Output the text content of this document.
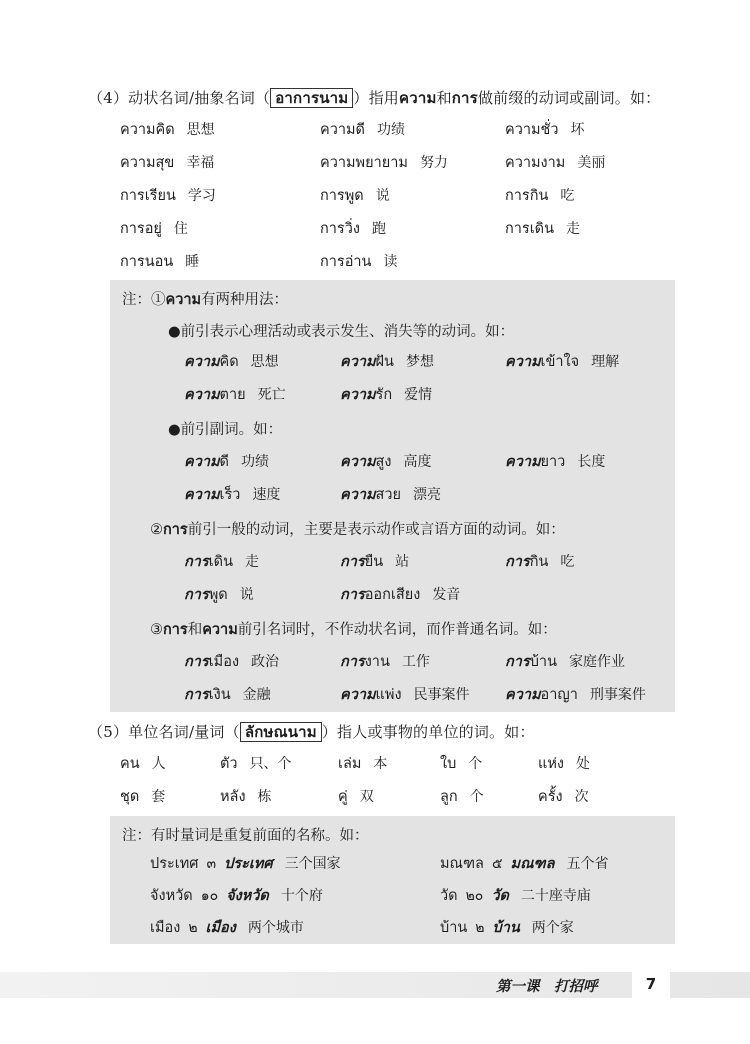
（4）动状名词/抽象名词（ อาการนาม ）指用ความ和การ做前缀的动词或副词。如：
ความคิด 思想	ความดี 功绩	ความชั่ว 坏
ความสุข 幸福	ความพยายาม 努力	ความงาม 美丽
การเรียน 学习	การพูด 说	การกิน 吃
การอยู่ 住	การวิ่ง 跑	การเดิน 走
การนอน 睡	การอ่าน 读
注：①ความ有两种用法：
●前引表示心理活动或表示发生、消失等的动词。如：
ความคิด 思想	ความฝัน 梦想	ความเข้าใจ 理解
ความตาย 死亡	ความรัก 爱情
●前引副词。如：
ความดี 功绩	ความสูง 高度	ความยาว 长度
ความเร็ว 速度	ความสวย 漂亮
②การ前引一般的动词，主要是表示动作或言语方面的动词。如：
การเดิน 走	การยืน 站	การกิน 吃
การพูด 说	การออกเสียง 发音
③การ和ความ前引名词时，不作动状名词，而作普通名词。如：
การเมือง 政治	การงาน 工作	การบ้าน 家庭作业
การเงิน 金融	ความแพ่ง 民事案件 ความอาญา 刑事案件
（5）单位名词/量词（ ลักษณนาม ）指人或事物的单位的词。如：
คน 人	ตัว 只、个	เล่ม 本	ใบ 个	แห่ง 处
ชุด 套	หลัง 栋	คู่ 双	ลูก 个	ครั้ง 次
注：有时量词是重复前面的名称。如：
ประเทศ ๓ ประเทศ 三个国家	มณฑล ๕ มณฑล 五个省
จังหวัด ๑๐ จังหวัด 十个府	วัด ๒๐ วัด 二十座寺庙
เมือง ๒ เมือง 两个城市	บ้าน ๒ บ้าน 两个家
第一课　打招呼	7
